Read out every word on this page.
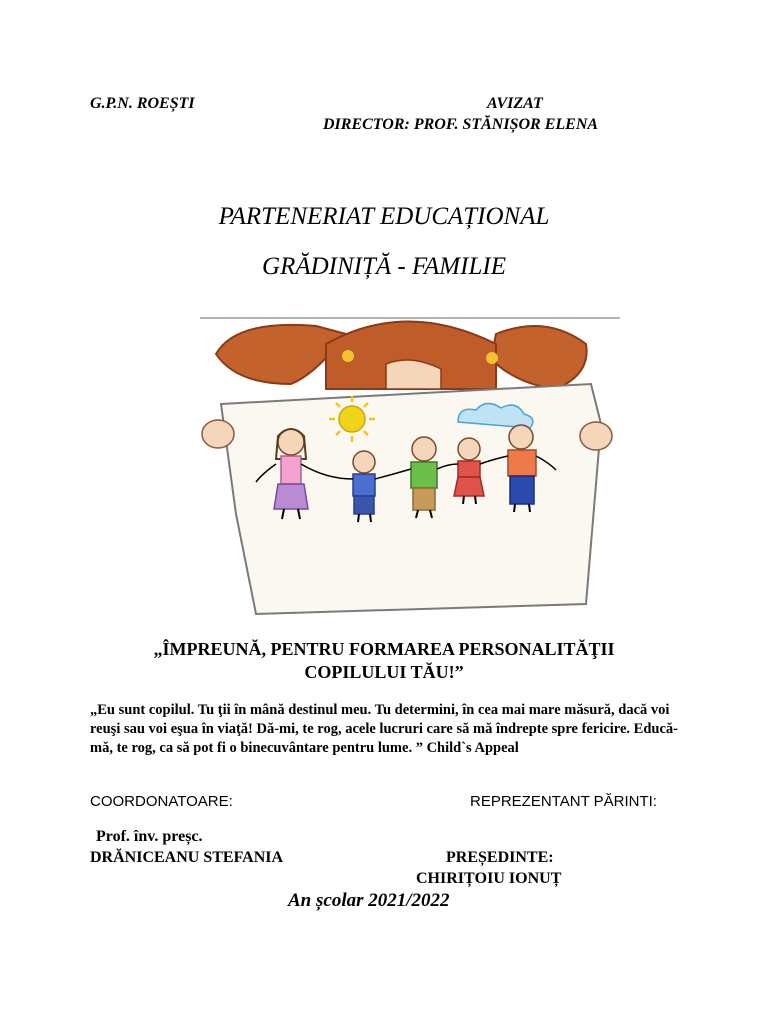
G.P.N. ROEȘTI	AVIZAT
DIRECTOR: PROF. STĂNIȘOR ELENA
PARTENERIAT EDUCAȚIONAL
GRĂDINIȚĂ - FAMILIE
„ÎMPREUNĂ, PENTRU FORMAREA PERSONALITĂŢII
COPILULUI TĂU!”
„Eu sunt copilul. Tu ţii în mână destinul meu. Tu determini, în cea mai mare măsură, dacă voi reuşi sau voi eşua în viaţă! Dă-mi, te rog, acele lucruri care să mă îndrepte spre fericire. Educă-mă, te rog, ca să pot fi o binecuvântare pentru lume. ” Child`s Appeal
COORDONATOARE:	REPREZENTANT PĂRINTI:
Prof. înv. preșc.
DRĂNICEANU STEFANIA	PREȘEDINTE:
CHIRIȚOIU IONUȚ
An școlar 2021/2022
